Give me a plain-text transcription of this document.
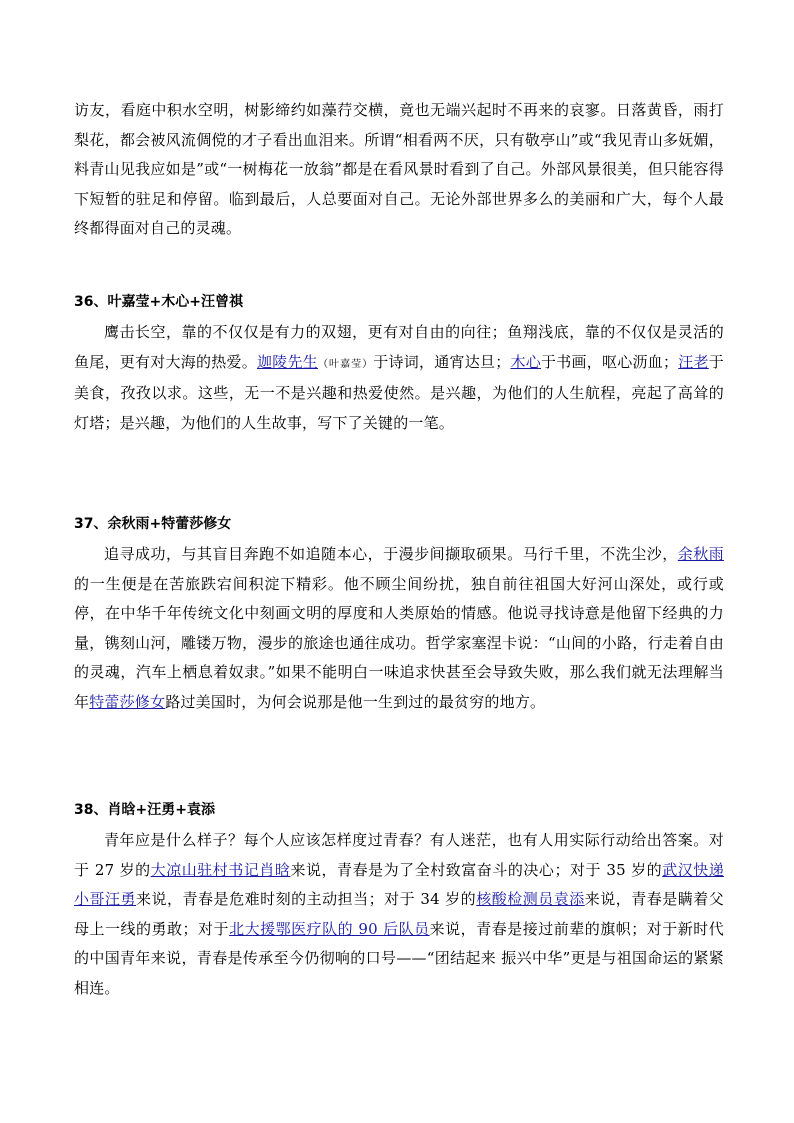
访友，看庭中积水空明，树影缔约如藻荇交横，竟也无端兴起时不再来的哀寥。日落黄昏，雨打梨花，都会被风流倜傥的才子看出血泪来。所谓“相看两不厌，只有敬亭山”或“我见青山多妩媚，料青山见我应如是”或“一树梅花一放翁”都是在看风景时看到了自己。外部风景很美，但只能容得下短暂的驻足和停留。临到最后，人总要面对自己。无论外部世界多么的美丽和广大，每个人最终都得面对自己的灵魂。
36、叶嘉莹+木心+汪曾祺
鹰击长空，靠的不仅仅是有力的双翅，更有对自由的向往；鱼翔浅底，靠的不仅仅是灵活的鱼尾，更有对大海的热爱。迦陵先生（叶嘉莹）于诗词，通宵达旦；木心于书画，呕心沥血；汪老于美食，孜孜以求。这些，无一不是兴趣和热爱使然。是兴趣，为他们的人生航程，亮起了高耸的灯塔；是兴趣，为他们的人生故事，写下了关键的一笔。
37、余秋雨+特蕾莎修女
追寻成功，与其盲目奔跑不如追随本心，于漫步间撷取硕果。马行千里，不洗尘沙，余秋雨的一生便是在苦旅跌宕间积淀下精彩。他不顾尘间纷扰，独自前往祖国大好河山深处，或行或停，在中华千年传统文化中刻画文明的厚度和人类原始的情感。他说寻找诗意是他留下经典的力量，镌刻山河，雕镂万物，漫步的旅途也通往成功。哲学家塞涅卡说：“山间的小路，行走着自由的灵魂，汽车上栖息着奴隶。”如果不能明白一味追求快甚至会导致失败，那么我们就无法理解当年特蕾莎修女路过美国时，为何会说那是他一生到过的最贫穷的地方。
38、肖晗+汪勇+袁添
青年应是什么样子？每个人应该怎样度过青春？有人迷茫，也有人用实际行动给出答案。对于 27 岁的大凉山驻村书记肖晗来说，青春是为了全村致富奋斗的决心；对于 35 岁的武汉快递小哥汪勇来说，青春是危难时刻的主动担当；对于 34 岁的核酸检测员袁添来说，青春是瞒着父母上一线的勇敢；对于北大援鄂医疗队的 90 后队员来说，青春是接过前辈的旗帜；对于新时代的中国青年来说，青春是传承至今仍彻响的口号——“团结起来 振兴中华”更是与祖国命运的紧紧相连。
